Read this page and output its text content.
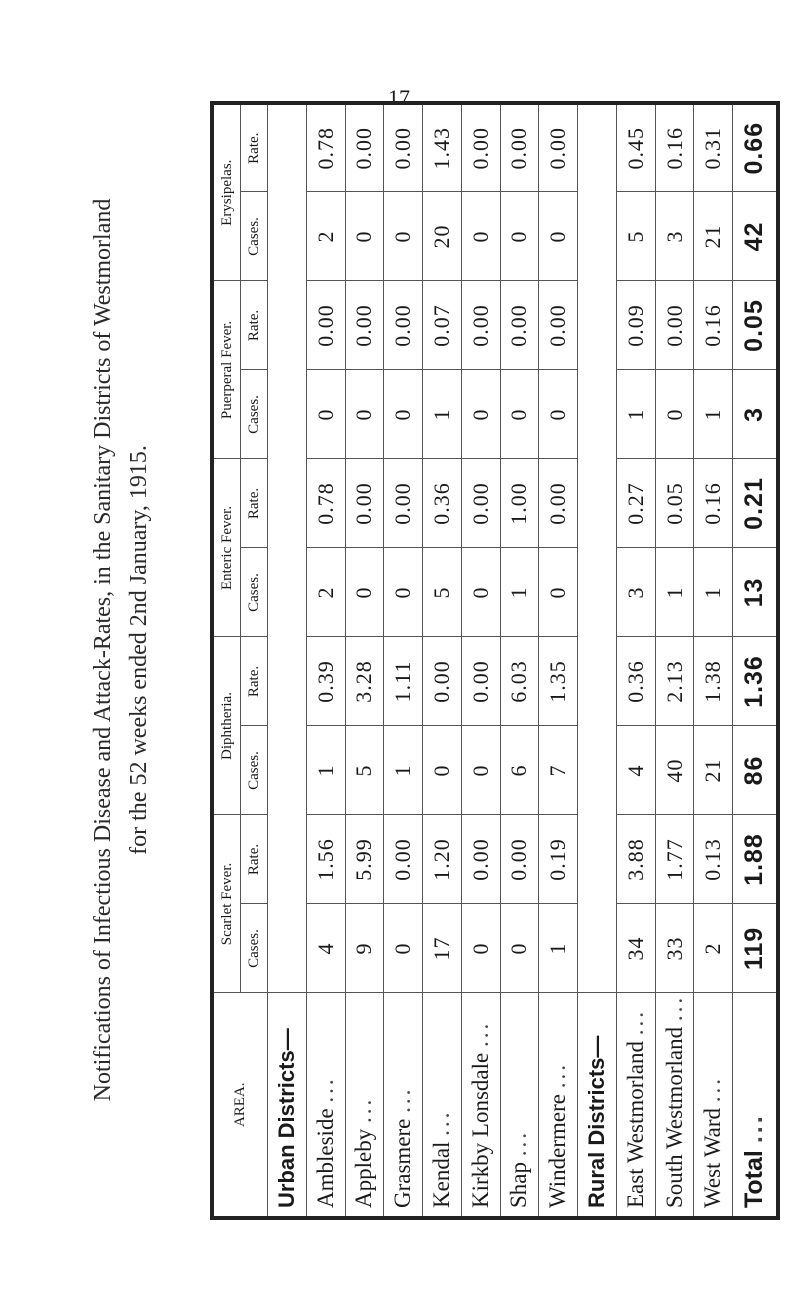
17
Notifications of Infectious Disease and Attack-Rates, in the Sanitary Districts of Westmorland for the 52 weeks ended 2nd January, 1915.
AREA.	Scarlet Fever.		Diphtheria.		Enteric Fever.		Puerperal Fever.		Erysipelas.	
	Cases.	Rate.	Cases.	Rate.	Cases.	Rate.	Cases.	Rate.	Cases.	Rate.
Urban Districts—										
Ambleside ...	4	1.56	1	0.39	2	0.78	0	0.00	2	0.78
Appleby ...	9	5.99	5	3.28	0	0.00	0	0.00	0	0.00
Grasmere ...	0	0.00	1	1.11	0	0.00	0	0.00	0	0.00
Kendal ...	17	1.20	0	0.00	5	0.36	1	0.07	20	1.43
Kirkby Lonsdale ...	0	0.00	0	0.00	0	0.00	0	0.00	0	0.00
Shap ...	0	0.00	6	6.03	1	1.00	0	0.00	0	0.00
Windermere ...	1	0.19	7	1.35	0	0.00	0	0.00	0	0.00
Rural Districts—										
East Westmorland ...	34	3.88	4	0.36	3	0.27	1	0.09	5	0.45
South Westmorland ...	33	1.77	40	2.13	1	0.05	0	0.00	3	0.16
West Ward ...	2	0.13	21	1.38	1	0.16	1	0.16	21	0.31
Total ...	119	1.88	86	1.36	13	0.21	3	0.05	42	0.66
